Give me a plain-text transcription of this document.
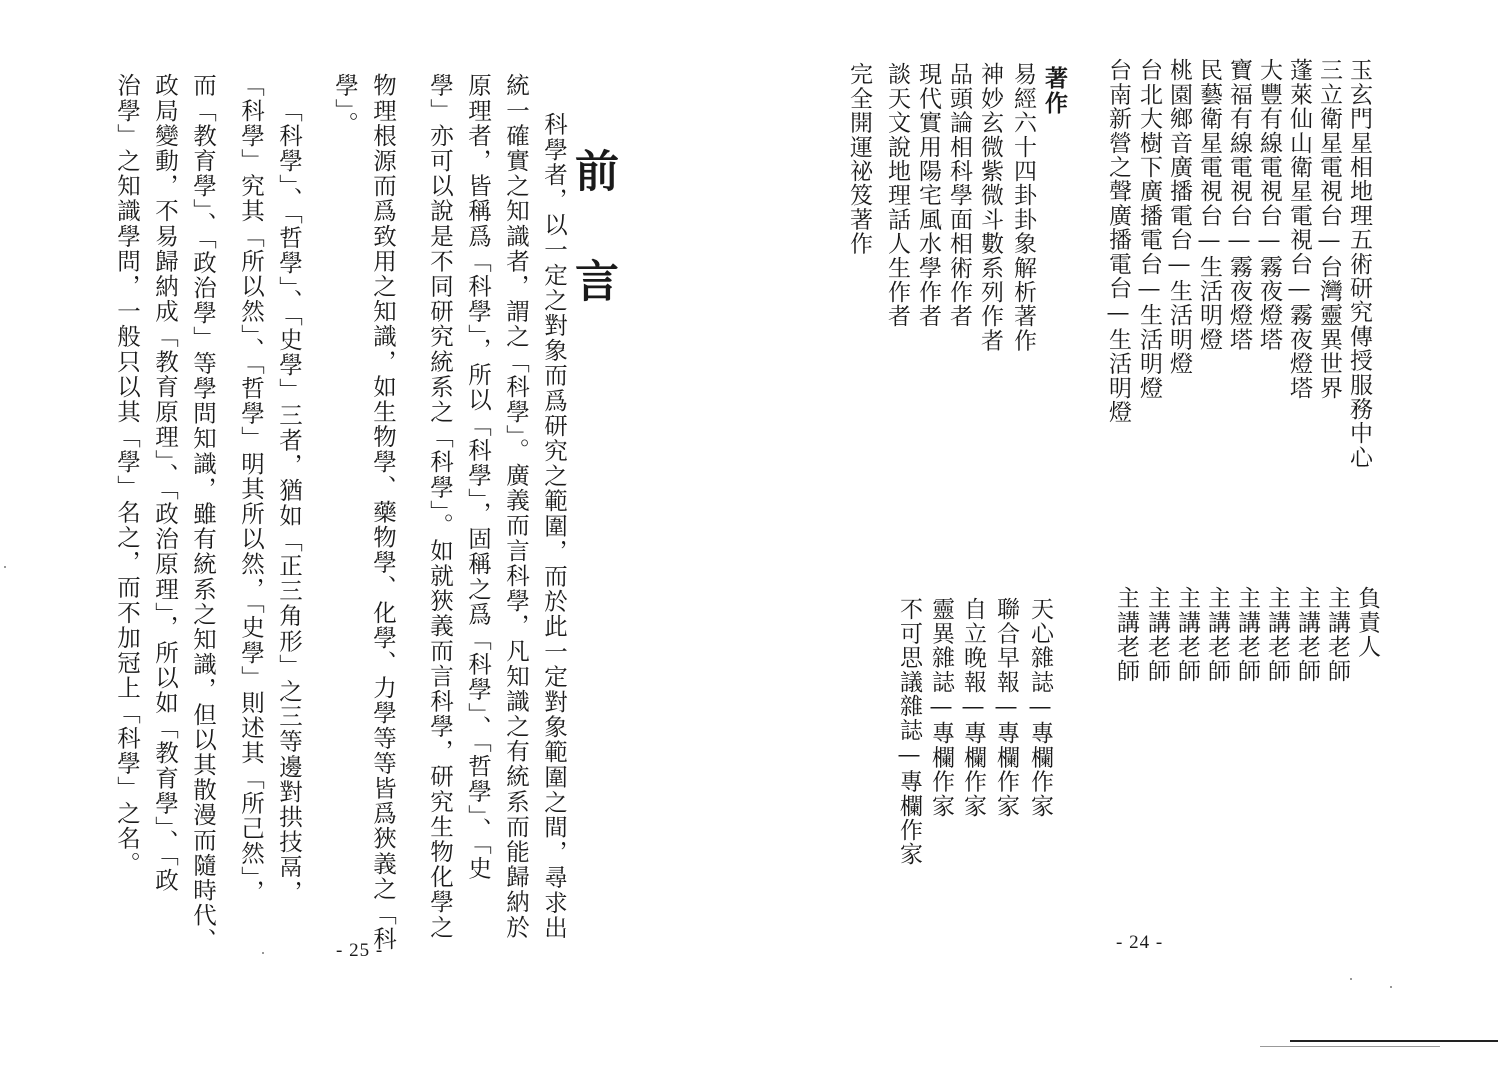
前言
科學者，以一定之對象而爲研究之範圍，而於此一定對象範圍之間，尋求出
統一確實之知識者，謂之「科學」。廣義而言科學，凡知識之有統系而能歸納於
原理者，皆稱爲「科學」，所以「科學」，固稱之爲「科學」、「哲學」、「史
學」亦可以說是不同研究統系之「科學」。如就狹義而言科學，研究生物化學之
物理根源而爲致用之知識，如生物學、藥物學、化學、力學等等皆爲狹義之「科
學」。
　「科學」、「哲學」、「史學」三者，猶如「正三角形」之三等邊對拱技鬲，
「科學」究其「所以然」、「哲學」明其所以然，「史學」則述其「所己然」，
而「教育學」、「政治學」等學問知識，雖有統系之知識，但以其散漫而隨時代、
政局變動，不易歸納成「教育原理」、「政治原理」，所以如「教育學」、「政
治學」之知識學問，一般只以其「學」名之，而不加冠上「科學」之名。
- 25 -
玉玄門星相地理五術研究傳授服務中心
三立衛星電視台—台灣靈異世界
蓬萊仙山衛星電視台—霧夜燈塔
大豐有線電視台—霧夜燈塔
寶福有線電視台—霧夜燈塔
民藝衛星電視台—生活明燈
桃園鄉音廣播電台—生活明燈
台北大樹下廣播電台—生活明燈
台南新營之聲廣播電台—生活明燈
著作
易經六十四卦卦象解析著作
神妙玄微紫微斗數系列作者
品頭論相科學面相術作者
現代實用陽宅風水學作者
談天文說地理話人生作者
完全開運祕笈著作
負責人
主講老師
主講老師
主講老師
主講老師
主講老師
主講老師
主講老師
主講老師
天心雜誌—專欄作家
聯合早報—專欄作家
自立晚報—專欄作家
靈異雜誌—專欄作家
不可思議雜誌—專欄作家
- 24 -
